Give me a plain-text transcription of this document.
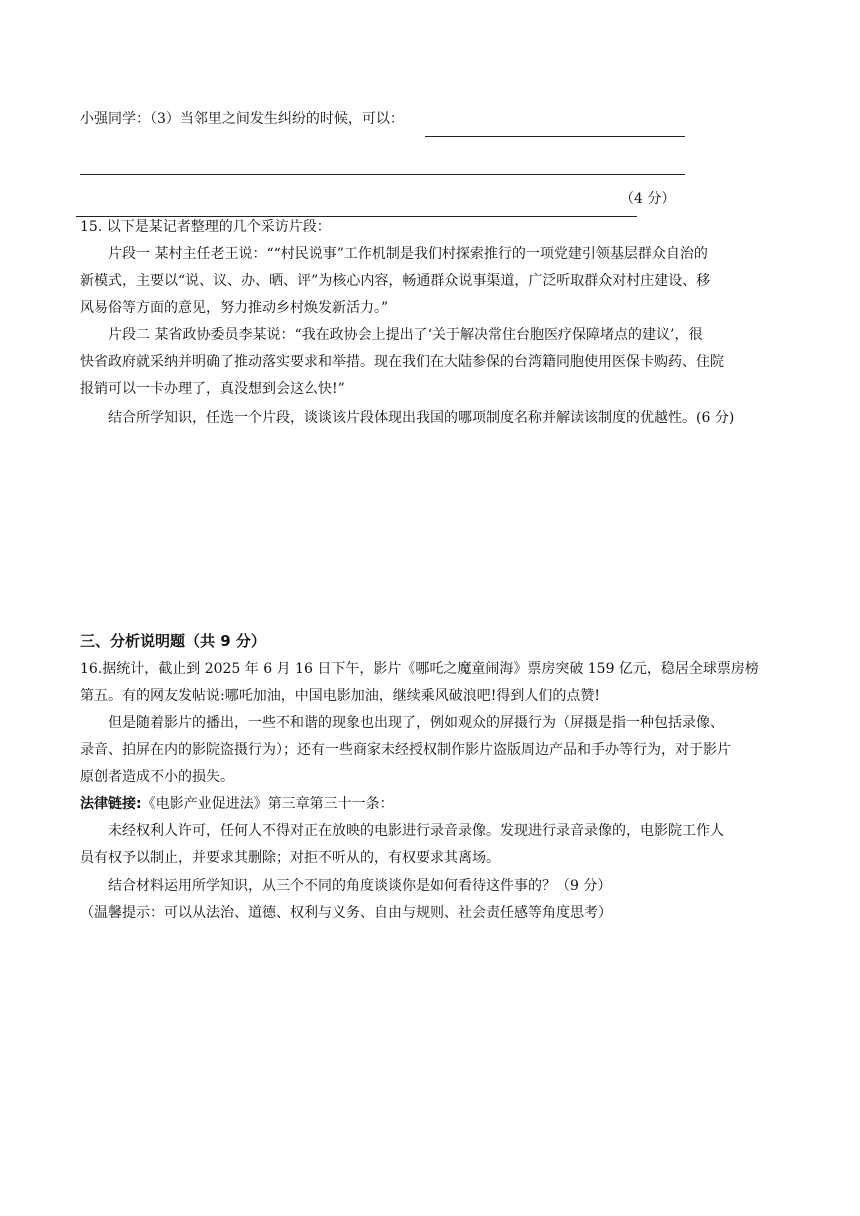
小强同学：（3）当邻里之间发生纠纷的时候，可以：
（4 分）
15. 以下是某记者整理的几个采访片段：
片段一 某村主任老王说：““村民说事”工作机制是我们村探索推行的一项党建引领基层群众自治的
新模式，主要以“说、议、办、晒、评”为核心内容，畅通群众说事渠道，广泛听取群众对村庄建设、移
风易俗等方面的意见，努力推动乡村焕发新活力。”
片段二 某省政协委员李某说：“我在政协会上提出了‘关于解决常住台胞医疗保障堵点的建议’，很
快省政府就采纳并明确了推动落实要求和举措。现在我们在大陆参保的台湾籍同胞使用医保卡购药、住院
报销可以一卡办理了，真没想到会这么快!”
结合所学知识，任选一个片段，谈谈该片段体现出我国的哪项制度名称并解读该制度的优越性。(6 分)
三、分析说明题（共 9 分）
16.据统计，截止到 2025 年 6 月 16 日下午，影片《哪吒之魔童闹海》票房突破 159 亿元，稳居全球票房榜
第五。有的网友发帖说:哪吒加油，中国电影加油，继续乘风破浪吧!得到人们的点赞!
但是随着影片的播出，一些不和谐的现象也出现了，例如观众的屏摄行为（屏摄是指一种包括录像、
录音、拍屏在内的影院盗摄行为）；还有一些商家未经授权制作影片盗版周边产品和手办等行为，对于影片
原创者造成不小的损失。
法律链接:《电影产业促进法》第三章第三十一条：
未经权利人许可，任何人不得对正在放映的电影进行录音录像。发现进行录音录像的，电影院工作人
员有权予以制止，并要求其删除；对拒不听从的，有权要求其离场。
结合材料运用所学知识，从三个不同的角度谈谈你是如何看待这件事的？（9 分）
（温馨提示：可以从法治、道德、权利与义务、自由与规则、社会责任感等角度思考）
